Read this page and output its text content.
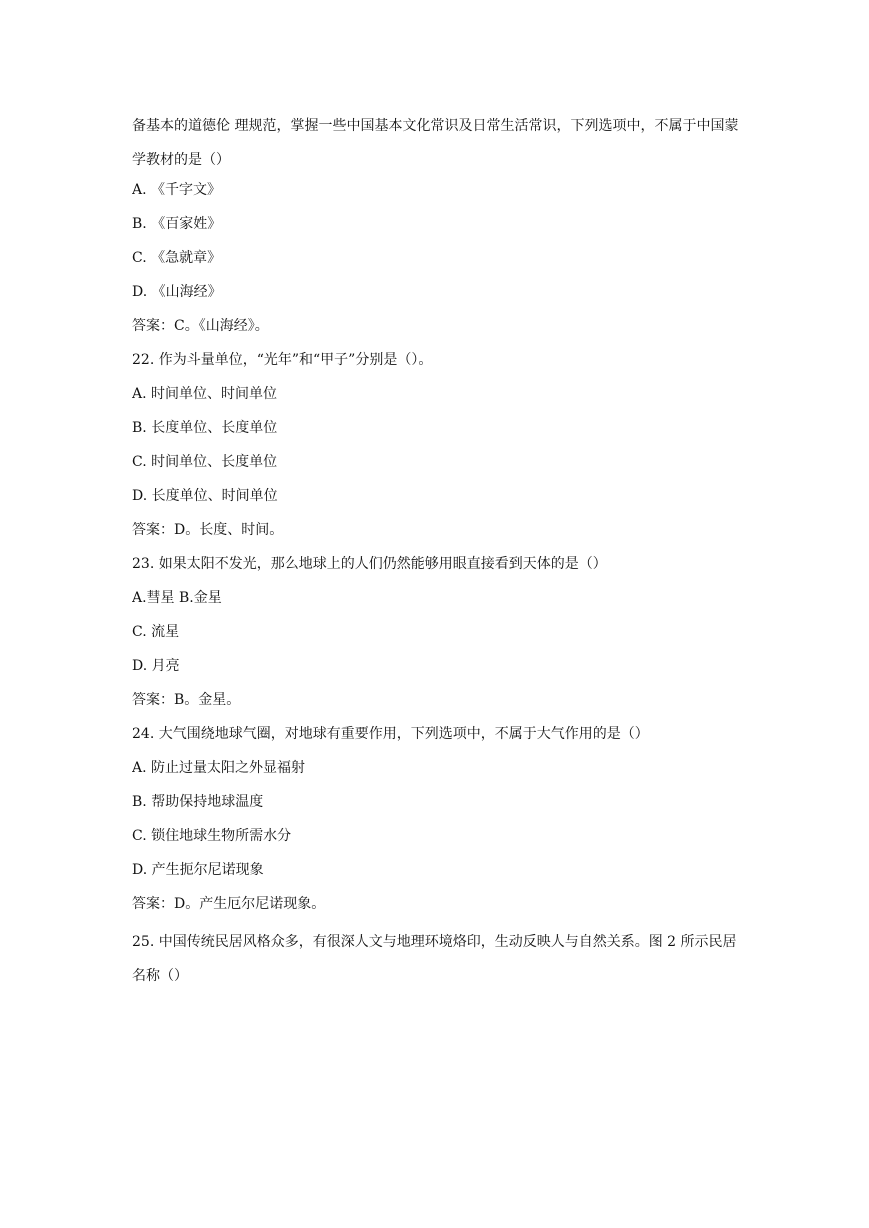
备基本的道德伦 理规范，掌握一些中国基本文化常识及日常生活常识，下列选项中，不属于中国蒙学教材的是（）
A. 《千字文》
B. 《百家姓》
C. 《急就章》
D. 《山海经》
答案：C。《山海经》。
22. 作为斗量单位，“光年”和“甲子”分别是（）。
A. 时间单位、时间单位
B. 长度单位、长度单位
C. 时间单位、长度单位
D. 长度单位、时间单位
答案：D。长度、时间。
23. 如果太阳不发光，那么地球上的人们仍然能够用眼直接看到天体的是（）
A.彗星 B.金星
C. 流星
D. 月亮
答案：B。金星。
24. 大气围绕地球气圈，对地球有重要作用，下列选项中，不属于大气作用的是（）
A. 防止过量太阳之外显福射
B. 帮助保持地球温度
C. 锁住地球生物所需水分
D. 产生扼尔尼诺现象
答案：D。产生厄尔尼诺现象。
25. 中国传统民居风格众多，有很深人文与地理环境烙印，生动反映人与自然关系。图 2 所示民居名称（）
